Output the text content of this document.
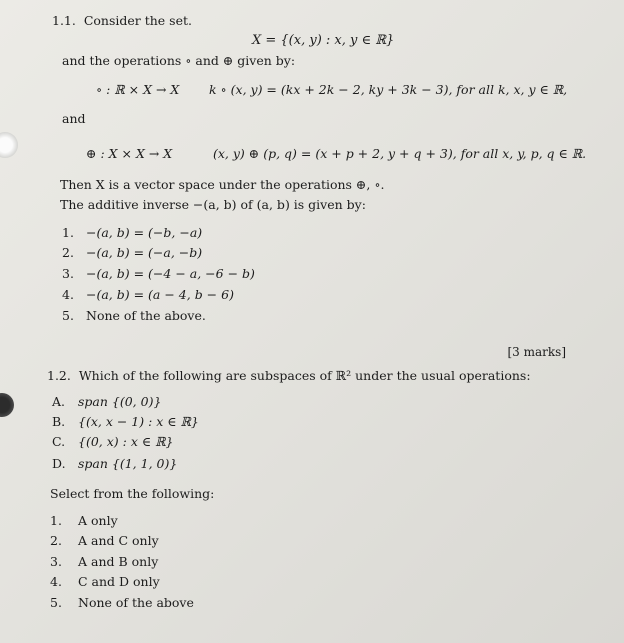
1.1. Consider the set.
X = {(x, y) : x, y ∈ ℝ}
and the operations ∘ and ⊕ given by:
∘ : ℝ × X → X k ∘ (x, y) = (kx + 2k − 2, ky + 3k − 3), for all k, x, y ∈ ℝ,
and
⊕ : X × X → X	(x, y) ⊕ (p, q) = (x + p + 2, y + q + 3), for all x, y, p, q ∈ ℝ.
Then X is a vector space under the operations ⊕, ∘.
The additive inverse −(a, b) of (a, b) is given by:
1. −(a, b) = (−b, −a)
2. −(a, b) = (−a, −b)
3. −(a, b) = (−4 − a, −6 − b)
4. −(a, b) = (a − 4, b − 6)
5. None of the above.
[3 marks]
1.2. Which of the following are subspaces of ℝ² under the usual operations:
A. span {(0, 0)}
B. {(x, x − 1) : x ∈ ℝ}
C. {(0, x) : x ∈ ℝ}
D. span {(1, 1, 0)}
Select from the following:
1. A only
2. A and C only
3. A and B only
4. C and D only
5. None of the above
